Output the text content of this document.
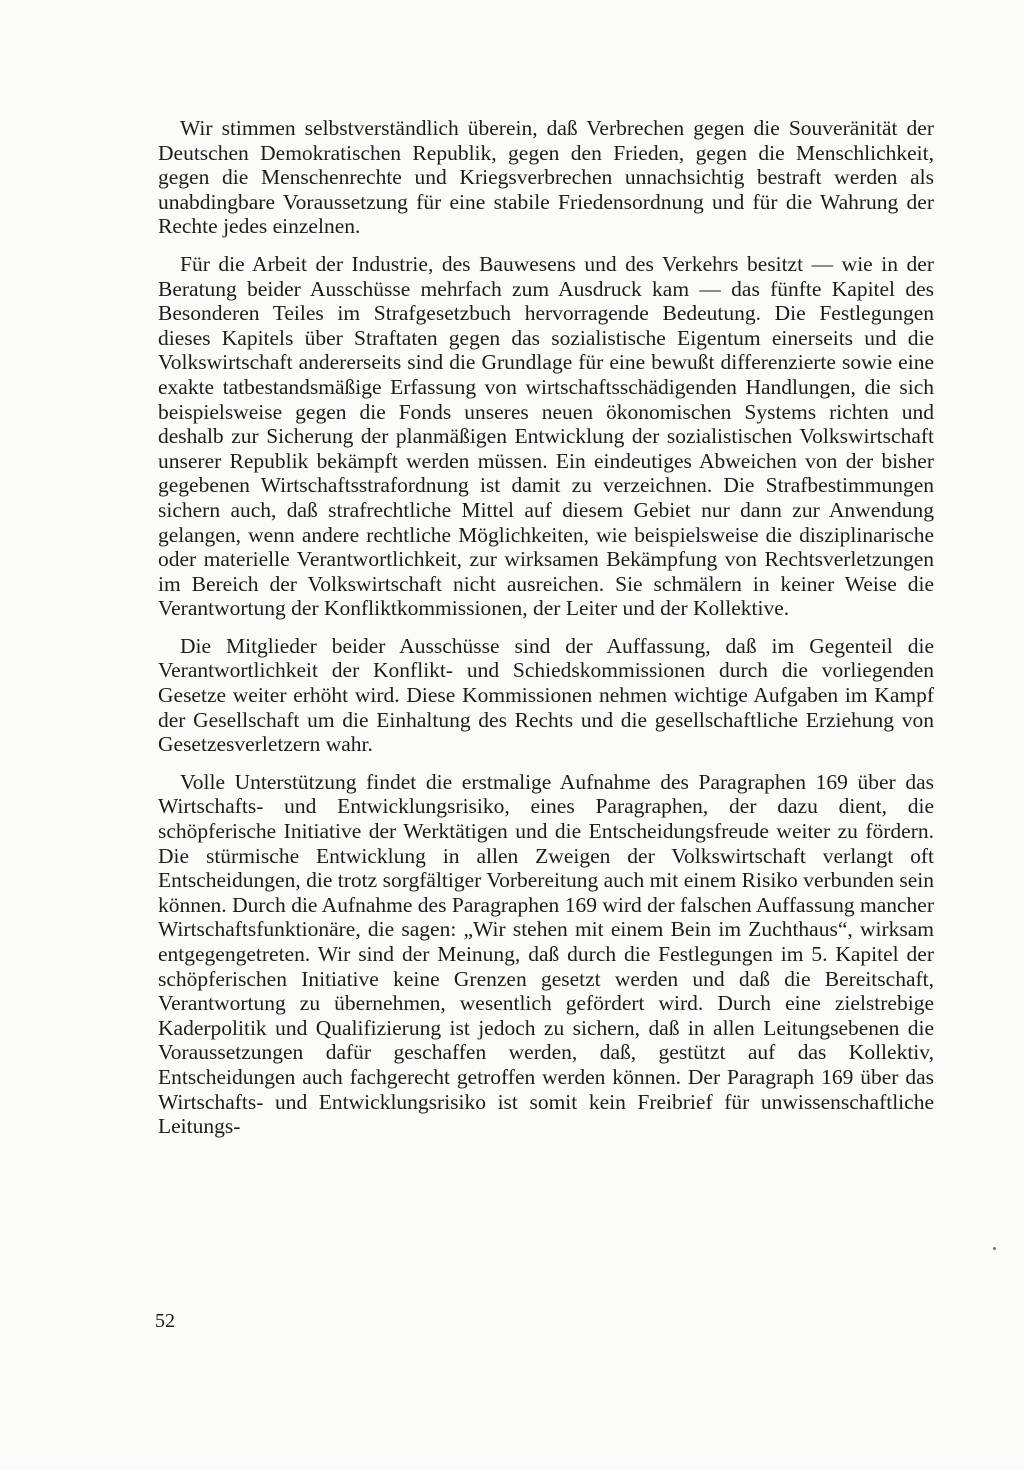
Wir stimmen selbstverständlich überein, daß Verbrechen gegen die Souveränität der Deutschen Demokratischen Republik, gegen den Frieden, gegen die Menschlichkeit, gegen die Menschenrechte und Kriegsverbrechen unnachsichtig bestraft werden als unabdingbare Voraussetzung für eine stabile Friedensordnung und für die Wahrung der Rechte jedes einzelnen.

Für die Arbeit der Industrie, des Bauwesens und des Verkehrs besitzt — wie in der Beratung beider Ausschüsse mehrfach zum Ausdruck kam — das fünfte Kapitel des Besonderen Teiles im Strafgesetzbuch hervorragende Bedeutung. Die Festlegungen dieses Kapitels über Straftaten gegen das sozialistische Eigentum einerseits und die Volkswirtschaft andererseits sind die Grundlage für eine bewußt differenzierte sowie eine exakte tatbestandsmäßige Erfassung von wirtschaftsschädigenden Handlungen, die sich beispielsweise gegen die Fonds unseres neuen ökonomischen Systems richten und deshalb zur Sicherung der planmäßigen Entwicklung der sozialistischen Volkswirtschaft unserer Republik bekämpft werden müssen. Ein eindeutiges Abweichen von der bisher gegebenen Wirtschaftsstrafordnung ist damit zu verzeichnen. Die Strafbestimmungen sichern auch, daß strafrechtliche Mittel auf diesem Gebiet nur dann zur Anwendung gelangen, wenn andere rechtliche Möglichkeiten, wie beispielsweise die disziplinarische oder materielle Verantwortlichkeit, zur wirksamen Bekämpfung von Rechtsverletzungen im Bereich der Volkswirtschaft nicht ausreichen. Sie schmälern in keiner Weise die Verantwortung der Konfliktkommissionen, der Leiter und der Kollektive.

Die Mitglieder beider Ausschüsse sind der Auffassung, daß im Gegenteil die Verantwortlichkeit der Konflikt- und Schiedskommissionen durch die vorliegenden Gesetze weiter erhöht wird. Diese Kommissionen nehmen wichtige Aufgaben im Kampf der Gesellschaft um die Einhaltung des Rechts und die gesellschaftliche Erziehung von Gesetzesverletzern wahr.

Volle Unterstützung findet die erstmalige Aufnahme des Paragraphen 169 über das Wirtschafts- und Entwicklungsrisiko, eines Paragraphen, der dazu dient, die schöpferische Initiative der Werktätigen und die Entscheidungsfreude weiter zu fördern. Die stürmische Entwicklung in allen Zweigen der Volkswirtschaft verlangt oft Entscheidungen, die trotz sorgfältiger Vorbereitung auch mit einem Risiko verbunden sein können. Durch die Aufnahme des Paragraphen 169 wird der falschen Auffassung mancher Wirtschaftsfunktionäre, die sagen: „Wir stehen mit einem Bein im Zuchthaus“, wirksam entgegengetreten. Wir sind der Meinung, daß durch die Festlegungen im 5. Kapitel der schöpferischen Initiative keine Grenzen gesetzt werden und daß die Bereitschaft, Verantwortung zu übernehmen, wesentlich gefördert wird. Durch eine zielstrebige Kaderpolitik und Qualifizierung ist jedoch zu sichern, daß in allen Leitungsebenen die Voraussetzungen dafür geschaffen werden, daß, gestützt auf das Kollektiv, Entscheidungen auch fachgerecht getroffen werden können. Der Paragraph 169 über das Wirtschafts- und Entwicklungsrisiko ist somit kein Freibrief für unwissenschaftliche Leitungs-

52
